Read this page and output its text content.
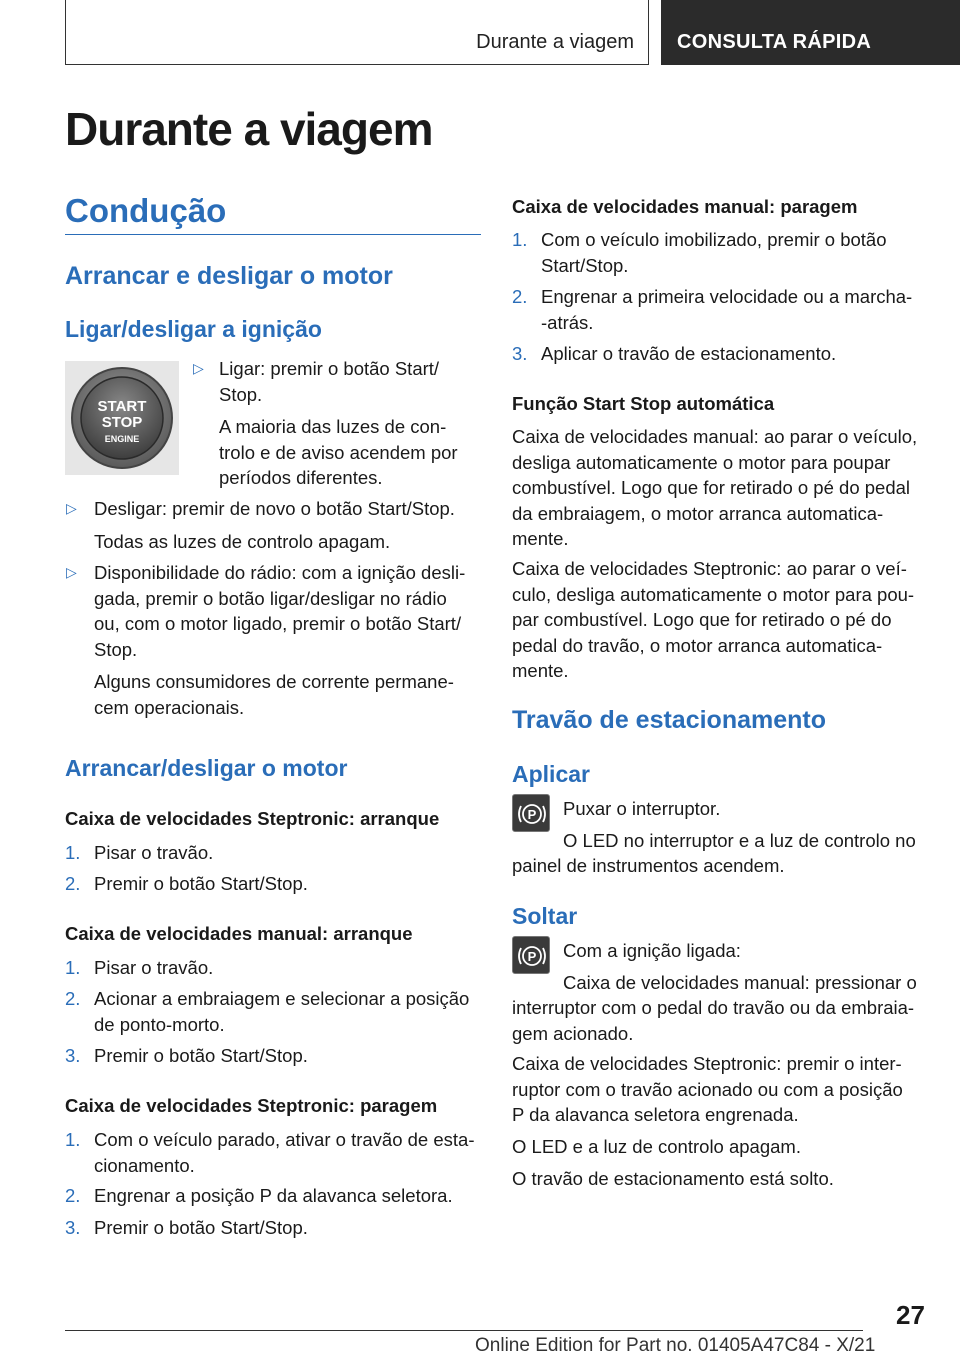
Durante a viagem CONSULTA RÁPIDA
Durante a viagem
Condução
Arrancar e desligar o motor
Ligar/desligar a ignição
START
STOP
ENGINE
▷ Ligar: premir o botão Start/
Stop.
A maioria das luzes de con-
trolo e de aviso acendem por
períodos diferentes.
▷ Desligar: premir de novo o botão Start/Stop.
Todas as luzes de controlo apagam.
▷ Disponibilidade do rádio: com a ignição desli-
gada, premir o botão ligar/desligar no rádio
ou, com o motor ligado, premir o botão Start/
Stop.
Alguns consumidores de corrente permane-
cem operacionais.
Arrancar/desligar o motor
Caixa de velocidades Steptronic: arranque
1. Pisar o travão.
2. Premir o botão Start/Stop.
Caixa de velocidades manual: arranque
1. Pisar o travão.
2. Acionar a embraiagem e selecionar a posição
de ponto-morto.
3. Premir o botão Start/Stop.
Caixa de velocidades Steptronic: paragem
1. Com o veículo parado, ativar o travão de esta-
cionamento.
2. Engrenar a posição P da alavanca seletora.
3. Premir o botão Start/Stop.
Caixa de velocidades manual: paragem
1. Com o veículo imobilizado, premir o botão
Start/Stop.
2. Engrenar a primeira velocidade ou a marcha-
-atrás.
3. Aplicar o travão de estacionamento.
Função Start Stop automática
Caixa de velocidades manual: ao parar o veículo,
desliga automaticamente o motor para poupar
combustível. Logo que for retirado o pé do pedal
da embraiagem, o motor arranca automatica-
mente.
Caixa de velocidades Steptronic: ao parar o veí-
culo, desliga automaticamente o motor para pou-
par combustível. Logo que for retirado o pé do
pedal do travão, o motor arranca automatica-
mente.
Travão de estacionamento
Aplicar
P Puxar o interruptor.
O LED no interruptor e a luz de controlo no
painel de instrumentos acendem.
Soltar
P Com a ignição ligada:
Caixa de velocidades manual: pressionar o
interruptor com o pedal do travão ou da embraia-
gem acionado.
Caixa de velocidades Steptronic: premir o inter-
ruptor com o travão acionado ou com a posição
P da alavanca seletora engrenada.
O LED e a luz de controlo apagam.
O travão de estacionamento está solto.
27
Online Edition for Part no. 01405A47C84 - X/21
